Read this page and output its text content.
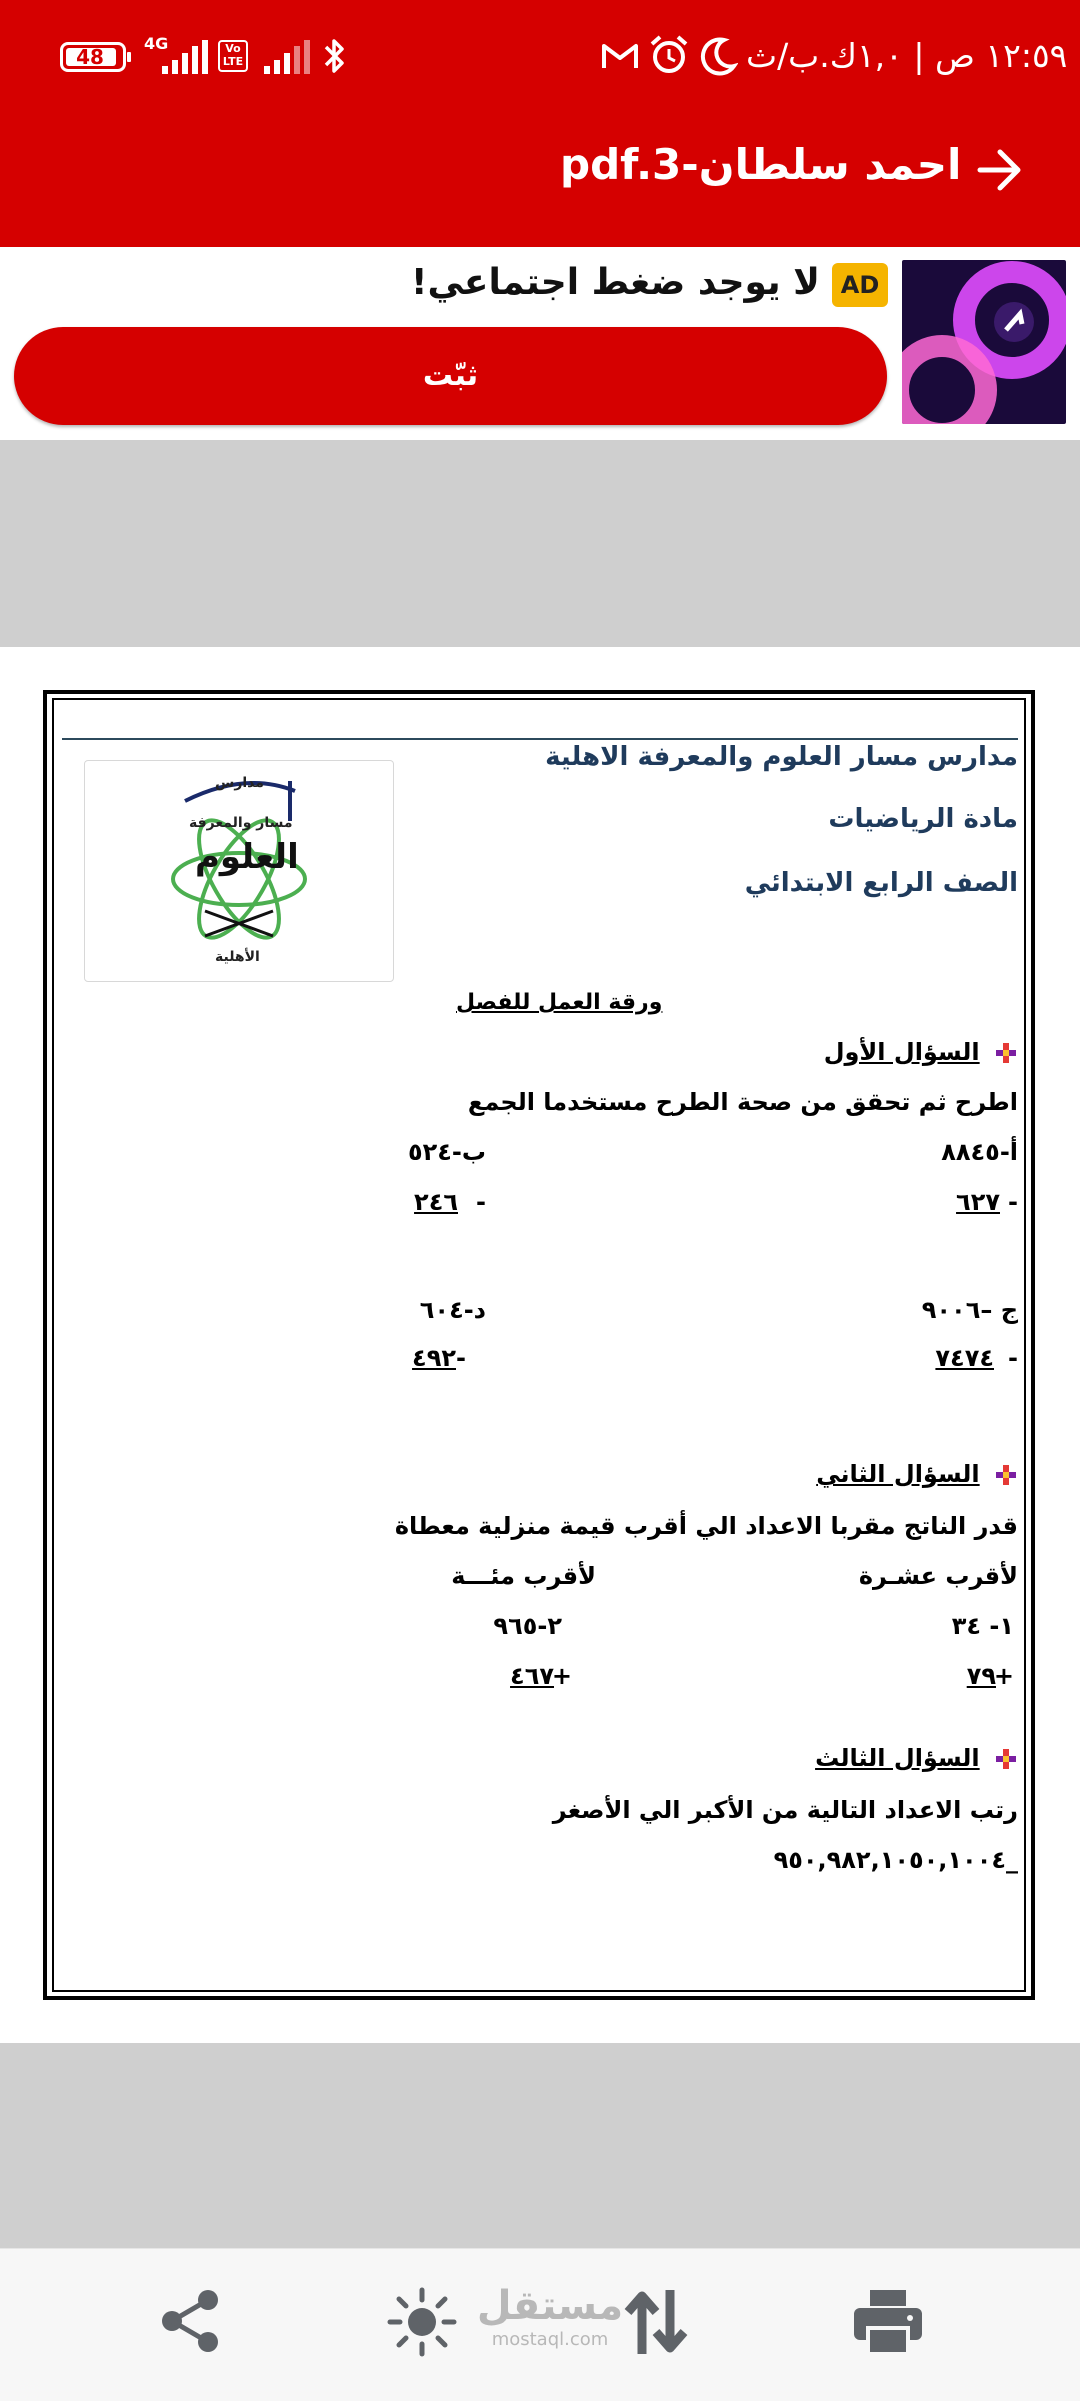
48
4G	Vo LTE	١٢:٥٩ ص | ١,٠ك.ب/ث
احمد سلطان-pdf.3
AD
لا يوجد ضغط اجتماعي!
ثبّت
مدارس مسار العلوم والمعرفة الاهلية
مادة الرياضيات
الصف الرابع الابتدائي
مدارس
مسار والمعرفة
العلوم
الأهلية
ورقة العمل للفصل
السؤال الأول
اطرح ثم تحقق من صحة الطرح مستخدما الجمع
أ-٨٨٤٥
-
٦٢٧
ب-٥٢٤
-
٢٤٦
ج –٩٠٠٦
-
٧٤٧٤
د-٦٠٤
-
٤٩٢
السؤال الثاني
قدر الناتج مقربا الاعداد الي أقرب قيمة منزلية معطاة
لأقرب عشـرة
لأقرب مئـــة
١- ٣٤
+
٧٩
٢-٩٦٥
+
٤٦٧
السؤال الثالث
رتب الاعداد التالية من الأكبر الي الأصغر
٩٥٠,٩٨٢,١٠٥٠,١٠٠٤_
مستقل
mostaql.com
